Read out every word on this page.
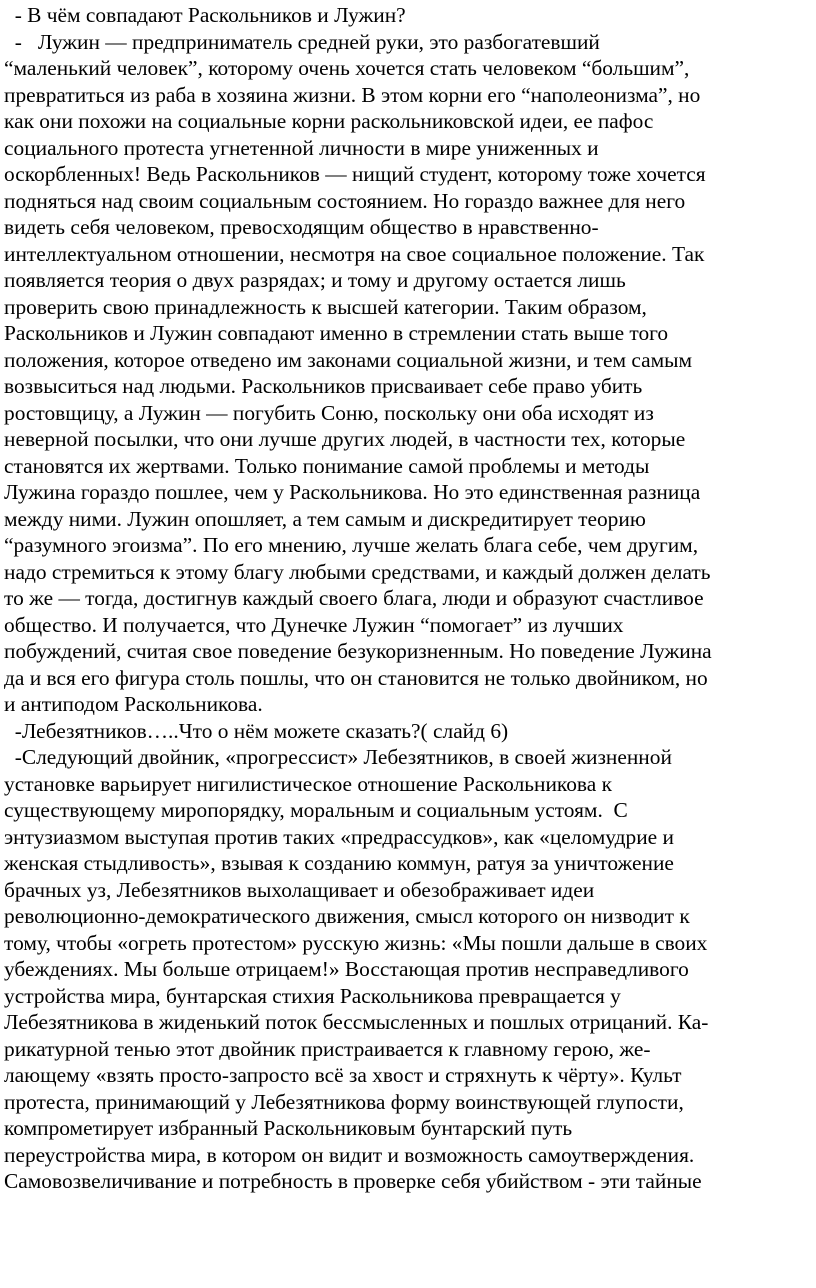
- В чём совпадают Раскольников и Лужин?
-   Лужин — предприниматель средней руки, это разбогатевший
“маленький человек”, которому очень хочется стать человеком “большим”,
превратиться из раба в хозяина жизни. В этом корни его “наполеонизма”, но
как они похожи на социальные корни раскольниковской идеи, ее пафос
социального протеста угнетенной личности в мире униженных и
оскорбленных! Ведь Раскольников — нищий студент, которому тоже хочется
подняться над своим социальным состоянием. Но гораздо важнее для него
видеть себя человеком, превосходящим общество в нравственно-
интеллектуальном отношении, несмотря на свое социальное положение. Так
появляется теория о двух разрядах; и тому и другому остается лишь
проверить свою принадлежность к высшей категории. Таким образом,
Раскольников и Лужин совпадают именно в стремлении стать выше того
положения, которое отведено им законами социальной жизни, и тем самым
возвыситься над людьми. Раскольников присваивает себе право убить
ростовщицу, а Лужин — погубить Соню, поскольку они оба исходят из
неверной посылки, что они лучше других людей, в частности тех, которые
становятся их жертвами. Только понимание самой проблемы и методы
Лужина гораздо пошлее, чем у Раскольникова. Но это единственная разница
между ними. Лужин опошляет, а тем самым и дискредитирует теорию
“разумного эгоизма”. По его мнению, лучше желать блага себе, чем другим,
надо стремиться к этому благу любыми средствами, и каждый должен делать
то же — тогда, достигнув каждый своего блага, люди и образуют счастливое
общество. И получается, что Дунечке Лужин “помогает” из лучших
побуждений, считая свое поведение безукоризненным. Но поведение Лужина
да и вся его фигура столь пошлы, что он становится не только двойником, но
и антиподом Раскольникова.
-Лебезятников…..Что о нём можете сказать?( слайд 6)
-Следующий двойник, «прогрессист» Лебезятников, в своей жизненной
установке варьирует нигилистическое отношение Раскольникова к
существующему миропорядку, моральным и социальным устоям.  С
энтузиазмом выступая против таких «предрассудков», как «целомудрие и
женская стыдливость», взывая к созданию коммун, ратуя за уничтожение
брачных уз, Лебезятников выхолащивает и обезображивает идеи
революционно-демократического движения, смысл которого он низводит к
тому, чтобы «огреть протестом» русскую жизнь: «Мы пошли дальше в своих
убеждениях. Мы больше отрицаем!» Восстающая против несправедливого
устройства мира, бунтарская стихия Раскольникова превращается у
Лебезятникова в жиденький поток бессмысленных и пошлых отрицаний. Ка-
рикатурной тенью этот двойник пристраивается к главному герою, же-
лающему «взять просто-запросто всё за хвост и стряхнуть к чёрту». Культ
протеста, принимающий у Лебезятникова форму воинствующей глупости,
компрометирует избранный Раскольниковым бунтарский путь
переустройства мира, в котором он видит и возможность самоутверждения.
Самовозвеличивание и потребность в проверке себя убийством - эти тайные
